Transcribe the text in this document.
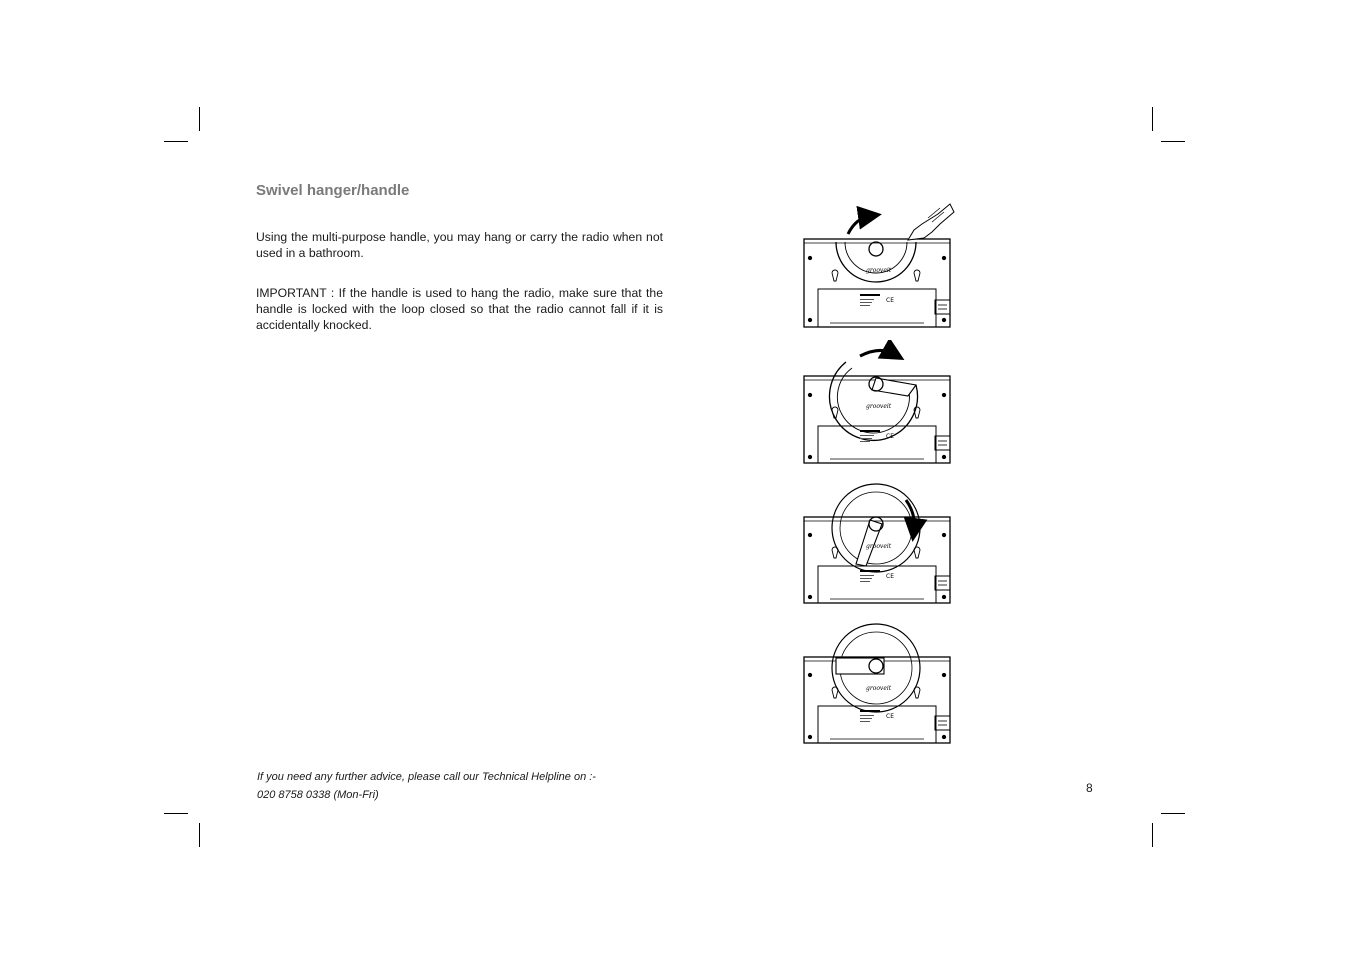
Swivel hanger/handle

Using the multi-purpose handle, you may hang or carry the radio when not used in a bathroom.

IMPORTANT : If the handle is used to hang the radio, make sure that the handle is locked with the loop closed so that the radio cannot fall if it is accidentally knocked.

grooveit
CE
grooveit
CE
grooveit
CE
grooveit
CE
If you need any further advice, please call our Technical Helpline on :-
020 8758 0338 (Mon-Fri)	8
